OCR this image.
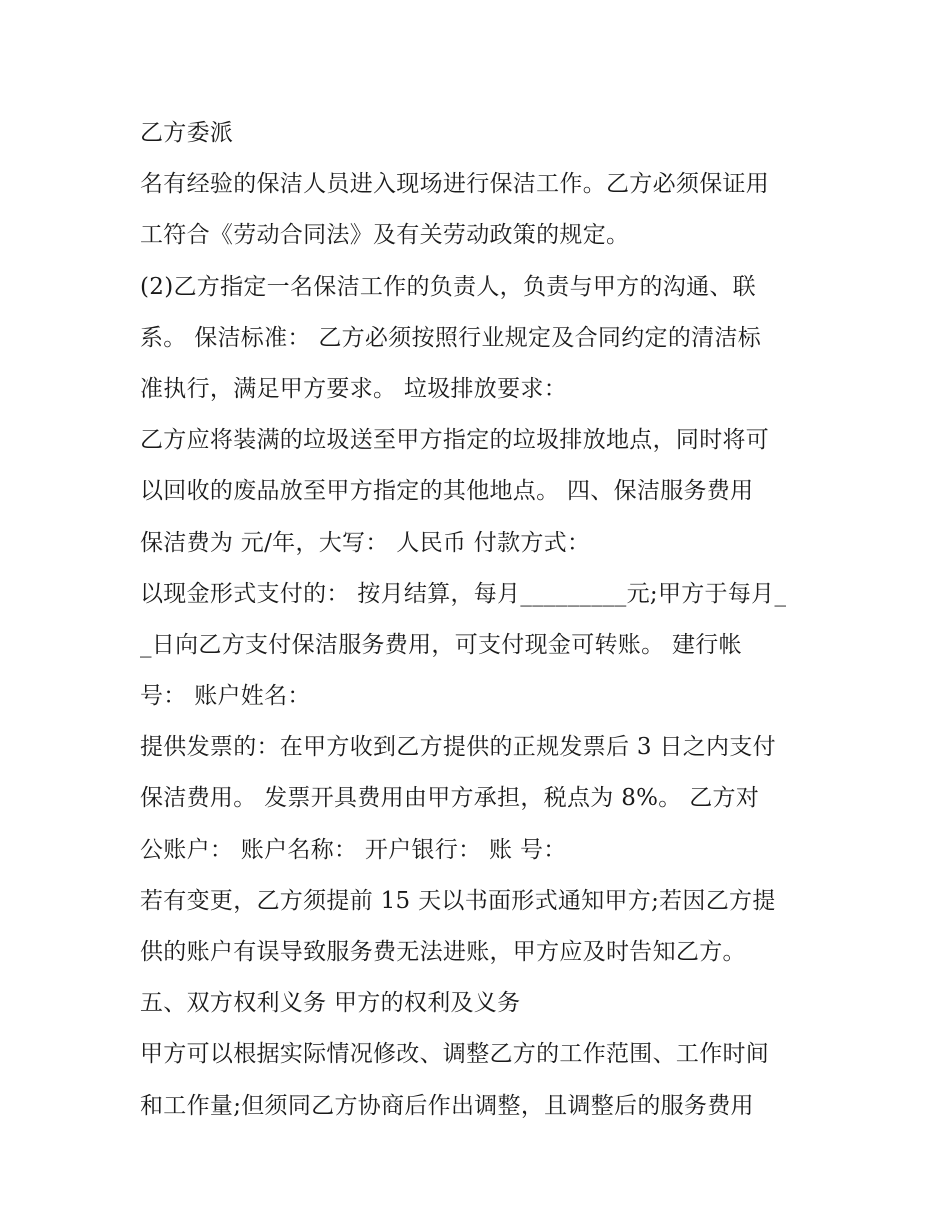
乙方委派
名有经验的保洁人员进入现场进行保洁工作。乙方必须保证用
工符合《劳动合同法》及有关劳动政策的规定。
(2)乙方指定一名保洁工作的负责人，负责与甲方的沟通、联
系。 保洁标准： 乙方必须按照行业规定及合同约定的清洁标
准执行，满足甲方要求。 垃圾排放要求：
乙方应将装满的垃圾送至甲方指定的垃圾排放地点，同时将可
以回收的废品放至甲方指定的其他地点。 四、保洁服务费用
保洁费为 元/年，大写： 人民币 付款方式：
以现金形式支付的： 按月结算，每月_________元;甲方于每月_
_日向乙方支付保洁服务费用，可支付现金可转账。 建行帐
号： 账户姓名：
提供发票的：在甲方收到乙方提供的正规发票后 3 日之内支付
保洁费用。 发票开具费用由甲方承担，税点为 8%。 乙方对
公账户： 账户名称： 开户银行： 账 号：
若有变更，乙方须提前 15 天以书面形式通知甲方;若因乙方提
供的账户有误导致服务费无法进账，甲方应及时告知乙方。
五、双方权利义务 甲方的权利及义务
甲方可以根据实际情况修改、调整乙方的工作范围、工作时间
和工作量;但须同乙方协商后作出调整，且调整后的服务费用
